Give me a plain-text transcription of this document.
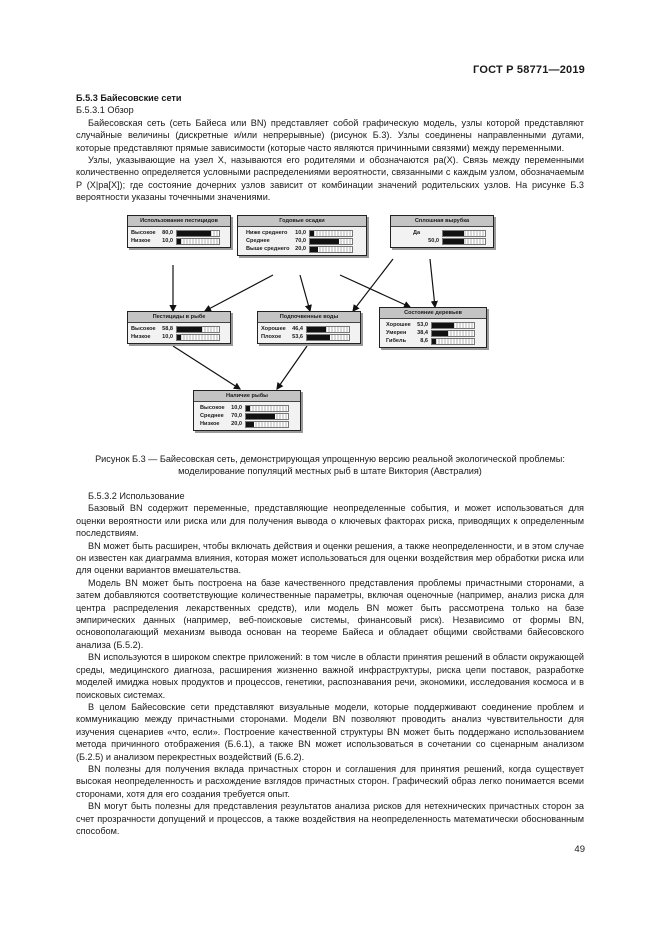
ГОСТ Р 58771—2019

Б.5.3 Байесовские сети

Б.5.3.1 Обзор

Байесовская сеть (сеть Байеса или BN) представляет собой графическую модель, узлы которой представляют случайные величины (дискретные и/или непрерывные) (рисунок Б.3). Узлы соединены направленными дугами, которые представляют прямые зависимости (которые часто являются причинными связями) между переменными.

Узлы, указывающие на узел X, называются его родителями и обозначаются pa(X). Связь между переменными количественно определяется условными распределениями вероятности, связанными с каждым узлом, обозначаемым P (X|pa[X]); где состояние дочерних узлов зависит от комбинации значений родительских узлов. На рисунке Б.3 вероятности указаны точечными значениями.

Использование пестицидов
Высокое	80,0
Низкое	10,0
Годовые осадки
Ниже среднего	10,0
Среднее	70,0
Выше среднего	20,0
Сплошная вырубка
Да
50,0
Пестициды в рыбе
Высокое	58,8
Низкое	10,0
Подпочвенные воды
Хорошее	46,4
Плохое	53,6
Состояние деревьев
Хорошее	53,0
Умерен	38,4
Гибель	8,6
Наличие рыбы
Высокое	10,0
Среднее	70,0
Низкое	20,0
Рисунок Б.3 — Байесовская сеть, демонстрирующая упрощенную версию реальной экологической проблемы: моделирование популяций местных рыб в штате Виктория (Австралия)

Б.5.3.2 Использование

Базовый BN содержит переменные, представляющие неопределенные события, и может использоваться для оценки вероятности или риска или для получения вывода о ключевых факторах риска, приводящих к определенным последствиям.

BN может быть расширен, чтобы включать действия и оценки решения, а также неопределенности, и в этом случае он известен как диаграмма влияния, которая может использоваться для оценки воздействия мер обработки риска или для оценки вариантов вмешательства.

Модель BN может быть построена на базе качественного представления проблемы причастными сторонами, а затем добавляются соответствующие количественные параметры, включая оценочные (например, анализ риска для центра распределения лекарственных средств), или модель BN может быть рассмотрена только на базе эмпирических данных (например, веб-поисковые системы, финансовый риск). Независимо от формы BN, основополагающий механизм вывода основан на теореме Байеса и обладает общими свойствами байесовского анализа (Б.5.2).

BN используются в широком спектре приложений: в том числе в области принятия решений в области окружающей среды, медицинского диагноза, расширения жизненно важной инфраструктуры, риска цепи поставок, разработке моделей имиджа новых продуктов и процессов, генетики, распознавания речи, экономики, исследования космоса и в поисковых системах.

В целом Байесовские сети представляют визуальные модели, которые поддерживают соединение проблем и коммуникацию между причастными сторонами. Модели BN позволяют проводить анализ чувствительности для изучения сценариев «что, если». Построение качественной структуры BN может быть поддержано использованием метода причинного отображения (Б.6.1), а также BN может использоваться в сочетании со сценарным анализом (Б.2.5) и анализом перекрестных воздействий (Б.6.2).

BN полезны для получения вклада причастных сторон и соглашения для принятия решений, когда существует высокая неопределенность и расхождение взглядов причастных сторон. Графический образ легко понимается всеми сторонами, хотя для его создания требуется опыт.

BN могут быть полезны для представления результатов анализа рисков для нетехнических причастных сторон за счет прозрачности допущений и процессов, а также воздействия на неопределенность математически обоснованным способом.

49
